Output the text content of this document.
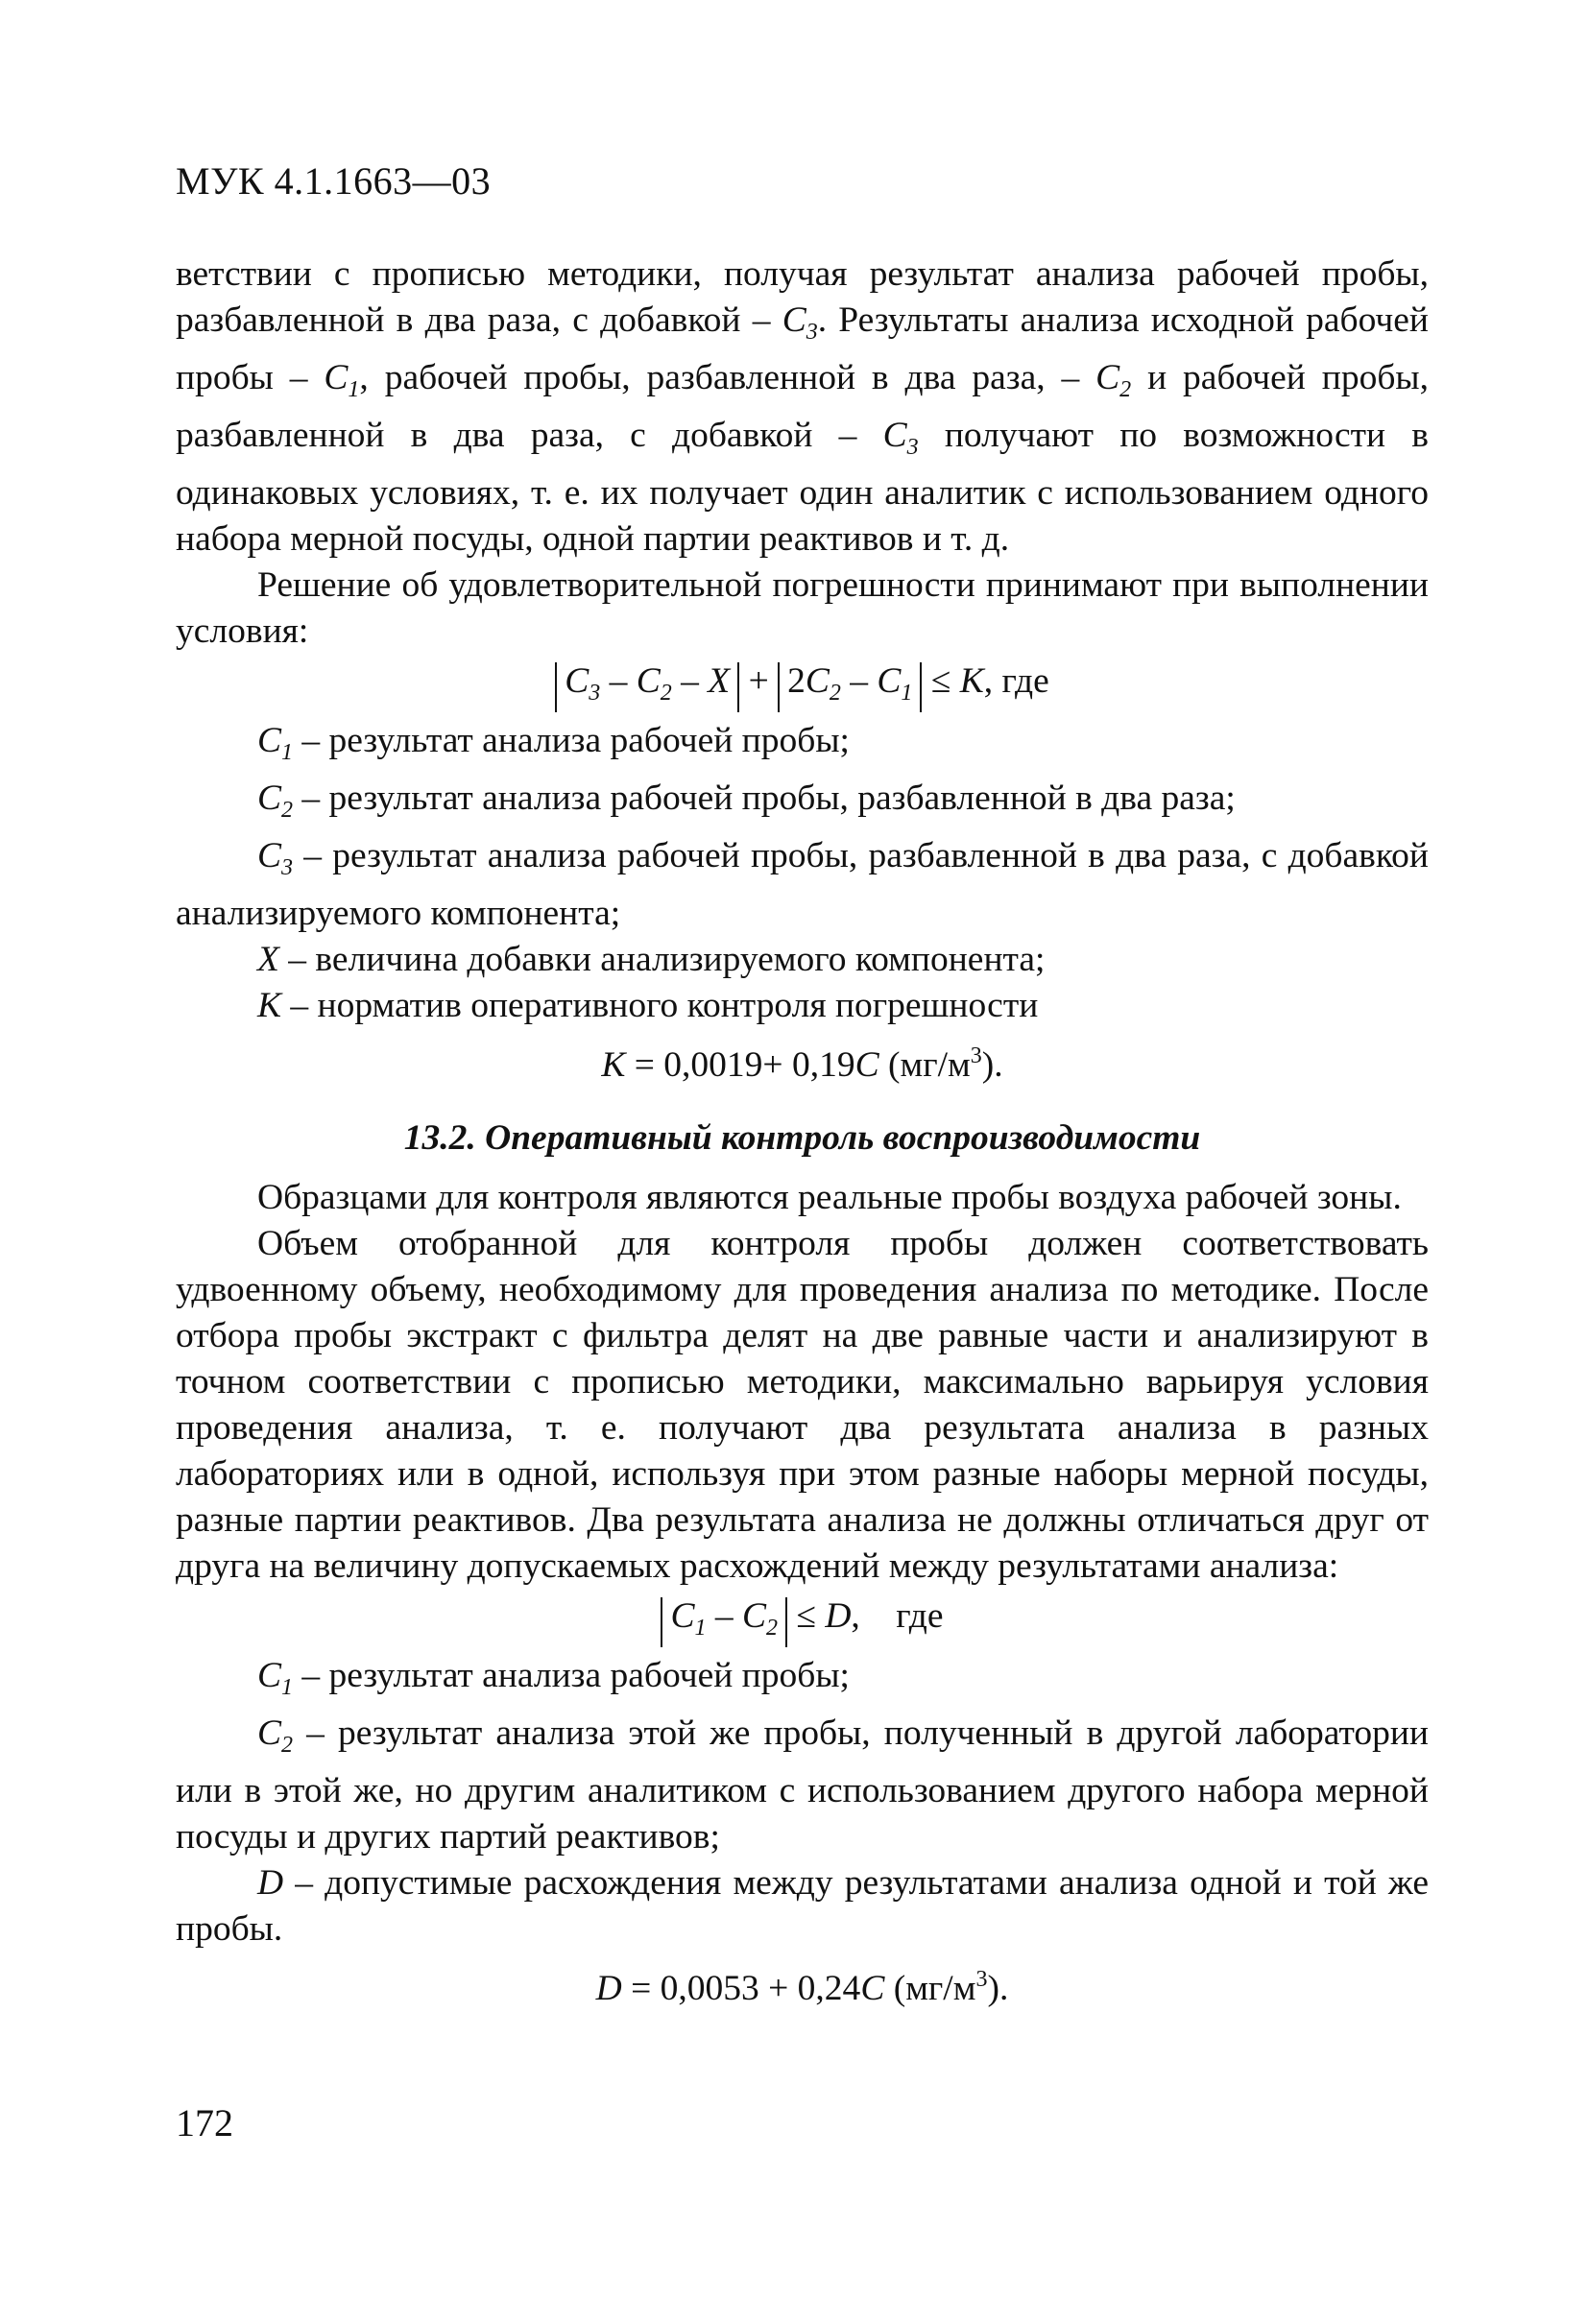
МУК 4.1.1663—03

ветствии с прописью методики, получая результат анализа рабочей пробы, разбавленной в два раза, с добавкой – $C_3$. Результаты анализа исходной рабочей пробы – $C_1$, рабочей пробы, разбавленной в два раза, – $C_2$ и рабочей пробы, разбавленной в два раза, с добавкой – $C_3$ получают по возможности в одинаковых условиях, т. е. их получает один аналитик с использованием одного набора мерной посуды, одной партии реактивов и т. д.

Решение об удовлетворительной погрешности принимают при выполнении условия:

$C_3 - C_2 - X + 2C_2 - C_1 \le K$, где

$C_1$ – результат анализа рабочей пробы;

$C_2$ – результат анализа рабочей пробы, разбавленной в два раза;

$C_3$ – результат анализа рабочей пробы, разбавленной в два раза, с добавкой анализируемого компонента;

X – величина добавки анализируемого компонента;

K – норматив оперативного контроля погрешности

K = 0,0019+ 0,19C $(мг/м^3)$.
13.2. Оперативный контроль воспроизводимости

Образцами для контроля являются реальные пробы воздуха рабочей зоны.

Объем отобранной для контроля пробы должен соответствовать удвоенному объему, необходимому для проведения анализа по методике. После отбора пробы экстракт с фильтра делят на две равные части и анализируют в точном соответствии с прописью методики, максимально варьируя условия проведения анализа, т. е. получают два результата анализа в разных лабораториях или в одной, используя при этом разные наборы мерной посуды, разные партии реактивов. Два результата анализа не должны отличаться друг от друга на величину допускаемых расхождений между результатами анализа:

$C_1 - C_2 \le D$,    где

$C_1$ – результат анализа рабочей пробы;

$C_2$ – результат анализа этой же пробы, полученный в другой лаборатории или в этой же, но другим аналитиком с использованием другого набора мерной посуды и других партий реактивов;

D – допустимые расхождения между результатами анализа одной и той же пробы.

D = 0,0053 + 0,24C $(мг/м^3)$.
172
